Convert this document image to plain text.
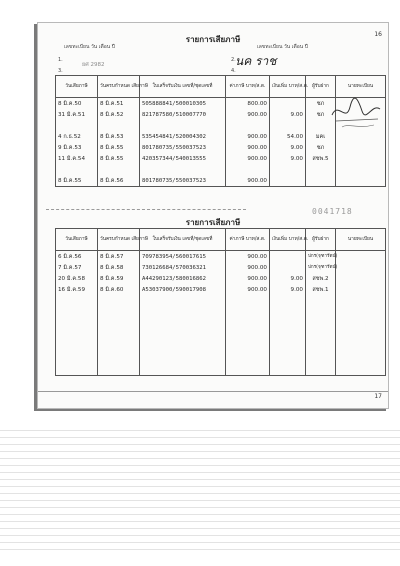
16
รายการเสียภาษี
เลขทะเบียน วัน เดือน ปี	เลขทะเบียน วัน เดือน ปี
1.
ยศ 2982
2. นค ราช
3.	4.
วันเสียภาษี	วันครบกำหนด เสียภาษี	ใบเสร็จรับเงิน เลขที่/ชุดเลขที่	ค่าภาษี บาท/ส.ต.	เงินเพิ่ม บาท/ส.ต.	ผู้รับฝาก	นายทะเบียน
8 มิ.ค.50	8 มิ.ค.51	505888841/500010305	800.00		ชภ	
31 มิ.ค.51	8 มิ.ค.52	821787580/510007770	900.00	9.00	ชภ	

4 ก.ธ.52	8 มิ.ค.53	535454841/520004302	900.00	54.00	มคเ	
9 มิ.ค.53	8 มิ.ค.55	801780735/550037523	900.00	9.00	ชภ	
11 มิ.ค.54	8 มิ.ค.55	420357344/540013555	900.00	9.00	สชพ.5	

8 มิ.ค.55	8 มิ.ค.56	801780735/550037523	900.00			
0041718
รายการเสียภาษี
วันเสียภาษี	วันครบกำหนด เสียภาษี	ใบเสร็จรับเงิน เลขที่/ชุดเลขที่	ค่าภาษี บาท/ส.ต.	เงินเพิ่ม บาท/ส.ต.	ผู้รับฝาก	นายทะเบียน
6 มิ.ค.56	8 มิ.ค.57	709783954/560017615	900.00		ปกร(จุฑารัตน์)	
7 มิ.ค.57	8 มิ.ค.58	730126684/570036321	900.00		ปกร(จุฑารัตน์)	
20 มิ.ค.58	8 มิ.ค.59	A44290123/580016862	900.00	9.00	สชพ.2	
16 มิ.ค.59	8 มิ.ค.60	A53037900/590017908	900.00	9.00	สชพ.1	

17
